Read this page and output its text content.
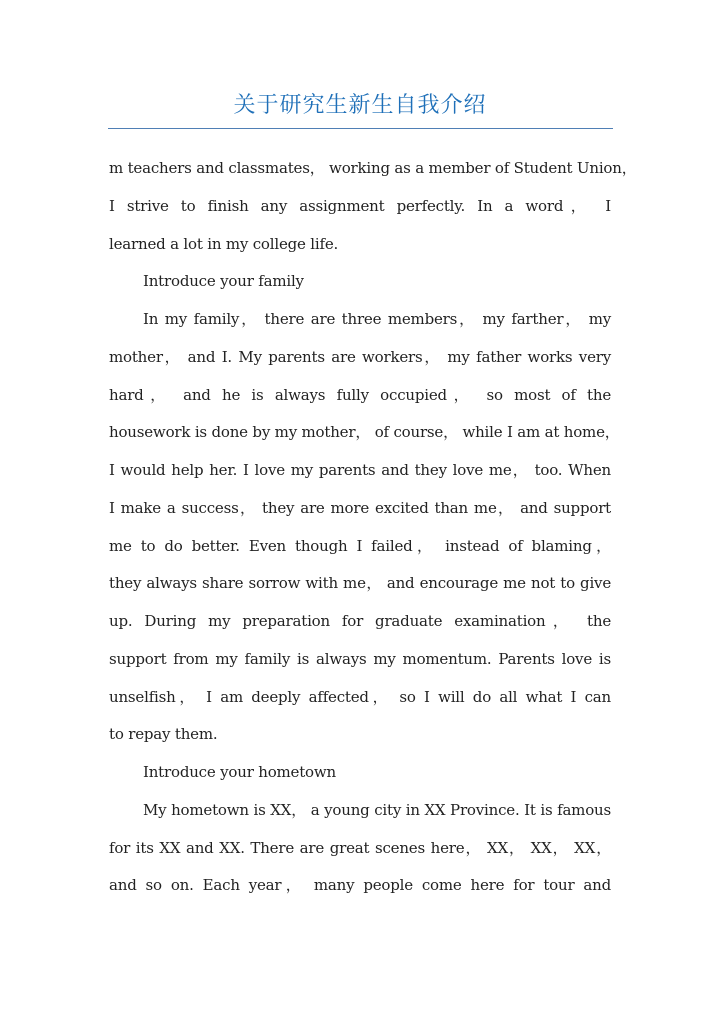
关于研究生新生自我介绍
m teachers and classmates， working as a member of Student Union，
I strive to finish any assignment perfectly. In a word， I
learned a lot in my college life.
Introduce your family
In my family， there are three members， my farther， my
mother， and I. My parents are workers， my father works very
hard， and he is always fully occupied， so most of the
housework is done by my mother， of course， while I am at home，
I would help her. I love my parents and they love me， too. When
I make a success， they are more excited than me， and support
me to do better. Even though I failed， instead of blaming，
they always share sorrow with me， and encourage me not to give
up. During my preparation for graduate examination， the
support from my family is always my momentum. Parents love is
unselfish， I am deeply affected， so I will do all what I can
to repay them.
Introduce your hometown
My hometown is XX， a young city in XX Province. It is famous
for its XX and XX. There are great scenes here， XX， XX， XX，
and so on. Each year， many people come here for tour and
